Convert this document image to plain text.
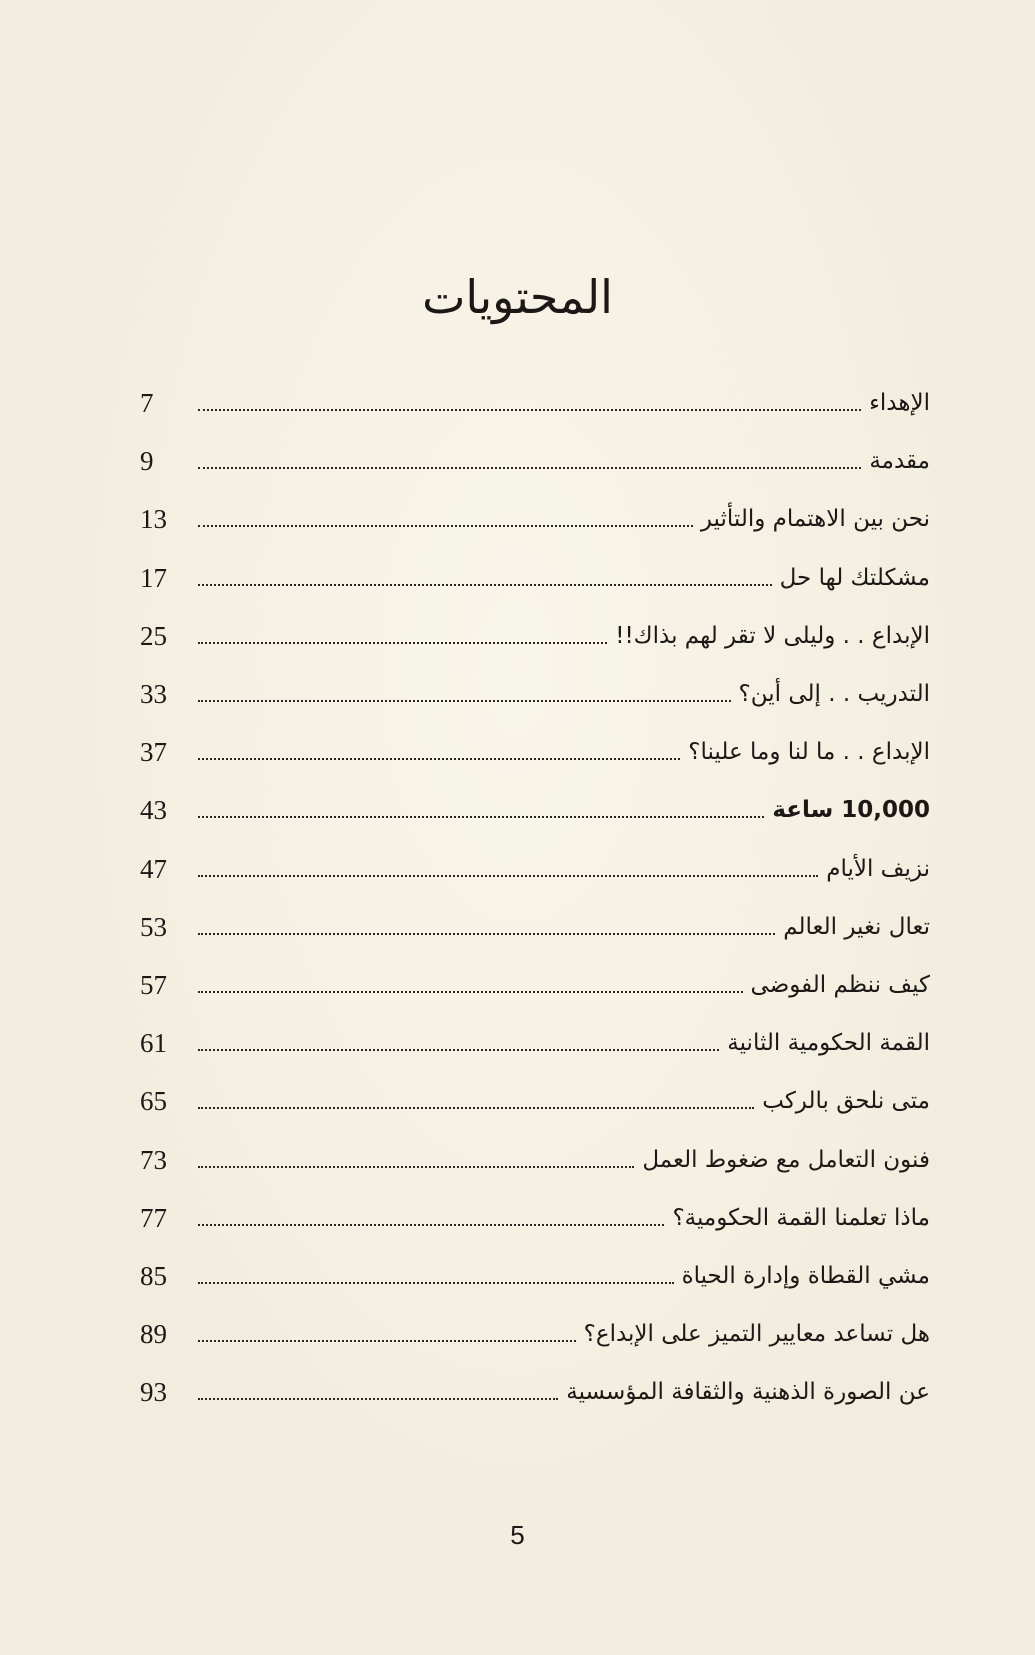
المحتويات
7	الإهداء
9	مقدمة
13	نحن بين الاهتمام والتأثير
17	مشكلتك لها حل
25	الإبداع . . وليلى لا تقر لهم بذاك!!
33	التدريب . . إلى أين؟
37	الإبداع . . ما لنا وما علينا؟
43	10,000 ساعة
47	نزيف الأيام
53	تعال نغير العالم
57	كيف ننظم الفوضى
61	القمة الحكومية الثانية
65	متى نلحق بالركب
73	فنون التعامل مع ضغوط العمل
77	ماذا تعلمنا القمة الحكومية؟
85	مشي القطاة وإدارة الحياة
89	هل تساعد معايير التميز على الإبداع؟
93	عن الصورة الذهنية والثقافة المؤسسية
5
